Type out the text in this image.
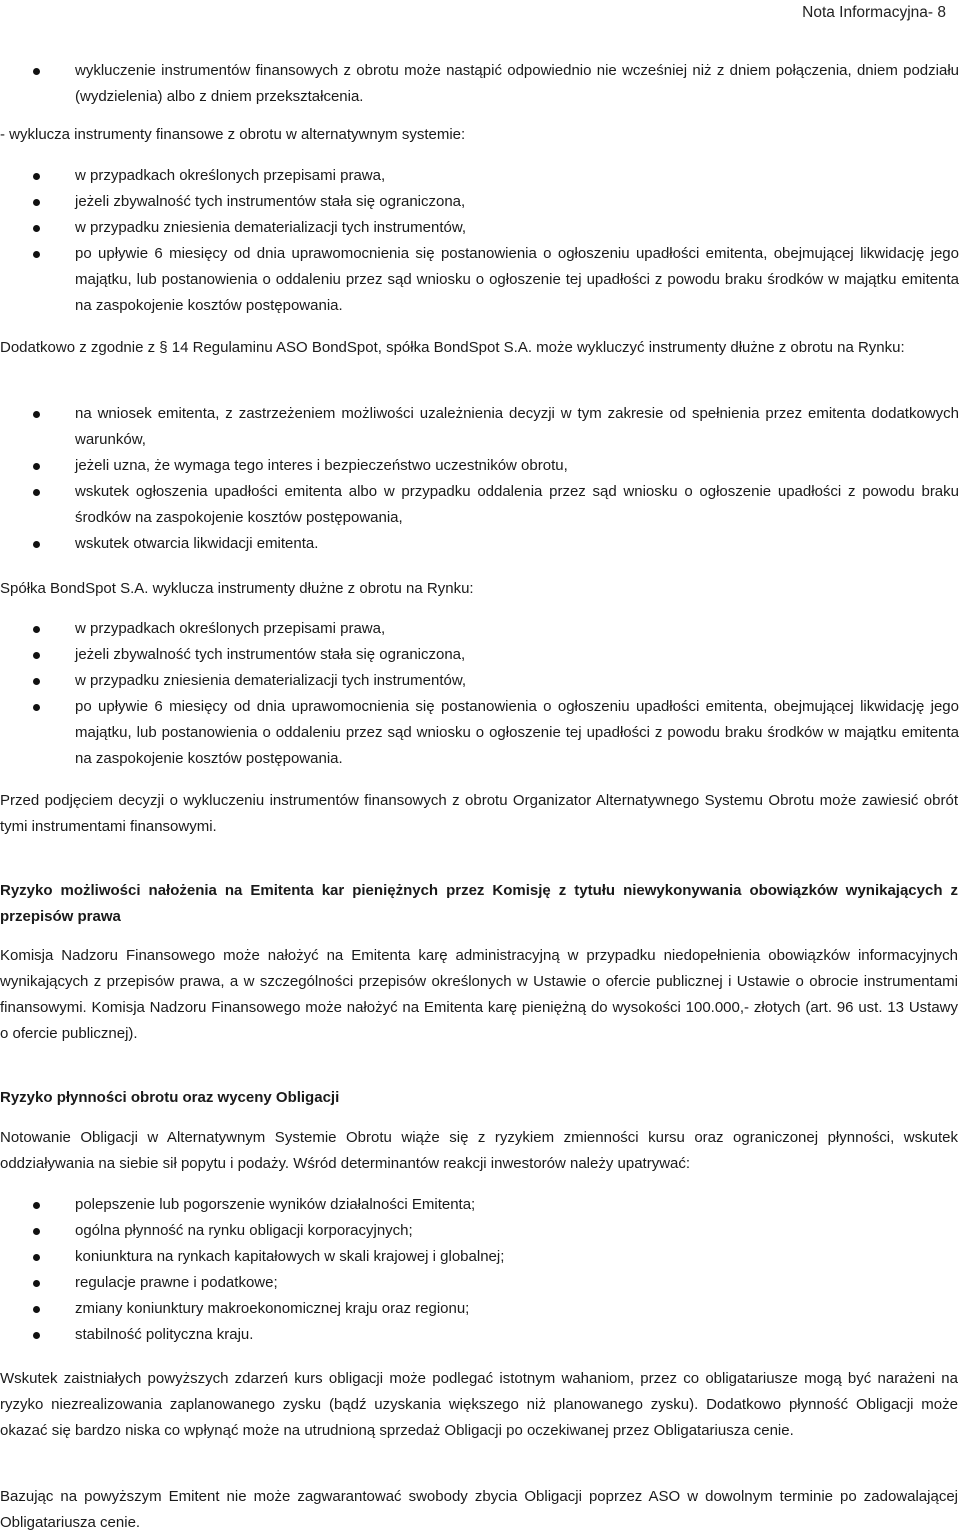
Nota Informacyjna- 8
wykluczenie instrumentów finansowych z obrotu może nastąpić odpowiednio nie wcześniej niż z dniem połączenia, dniem podziału (wydzielenia) albo z dniem przekształcenia.

- wyklucza instrumenty finansowe z obrotu w alternatywnym systemie:

w przypadkach określonych przepisami prawa,
jeżeli zbywalność tych instrumentów stała się ograniczona,
w przypadku zniesienia dematerializacji tych instrumentów,
po upływie 6 miesięcy od dnia uprawomocnienia się postanowienia o ogłoszeniu upadłości emitenta, obejmującej likwidację jego majątku, lub postanowienia o oddaleniu przez sąd wniosku o ogłoszenie tej upadłości z powodu braku środków w majątku emitenta na zaspokojenie kosztów postępowania.

Dodatkowo z zgodnie z § 14 Regulaminu ASO BondSpot, spółka BondSpot S.A. może wykluczyć instrumenty dłużne z obrotu na Rynku:

na wniosek emitenta, z zastrzeżeniem możliwości uzależnienia decyzji w tym zakresie od spełnienia przez emitenta dodatkowych warunków,
jeżeli uzna, że wymaga tego interes i bezpieczeństwo uczestników obrotu,
wskutek ogłoszenia upadłości emitenta albo w przypadku oddalenia przez sąd wniosku o ogłoszenie upadłości z powodu braku środków na zaspokojenie kosztów postępowania,
wskutek otwarcia likwidacji emitenta.

Spółka BondSpot S.A. wyklucza instrumenty dłużne z obrotu na Rynku:

w przypadkach określonych przepisami prawa,
jeżeli zbywalność tych instrumentów stała się ograniczona,
w przypadku zniesienia dematerializacji tych instrumentów,
po upływie 6 miesięcy od dnia uprawomocnienia się postanowienia o ogłoszeniu upadłości emitenta, obejmującej likwidację jego majątku, lub postanowienia o oddaleniu przez sąd wniosku o ogłoszenie tej upadłości z powodu braku środków w majątku emitenta na zaspokojenie kosztów postępowania.

Przed podjęciem decyzji o wykluczeniu instrumentów finansowych z obrotu Organizator Alternatywnego Systemu Obrotu może zawiesić obrót tymi instrumentami finansowymi.

Ryzyko możliwości nałożenia na Emitenta kar pieniężnych przez Komisję z tytułu niewykonywania obowiązków wynikających z przepisów prawa

Komisja Nadzoru Finansowego może nałożyć na Emitenta karę administracyjną w przypadku niedopełnienia obowiązków informacyjnych wynikających z przepisów prawa, a w szczególności przepisów określonych w Ustawie o ofercie publicznej i Ustawie o obrocie instrumentami finansowymi. Komisja Nadzoru Finansowego może nałożyć na Emitenta karę pieniężną do wysokości 100.000,- złotych (art. 96 ust. 13 Ustawy o ofercie publicznej).

Ryzyko płynności obrotu oraz wyceny Obligacji

Notowanie Obligacji w Alternatywnym Systemie Obrotu wiąże się z ryzykiem zmienności kursu oraz ograniczonej płynności, wskutek oddziaływania na siebie sił popytu i podaży. Wśród determinantów reakcji inwestorów należy upatrywać:

polepszenie lub pogorszenie wyników działalności Emitenta;
ogólna płynność na rynku obligacji korporacyjnych;
koniunktura na rynkach kapitałowych w skali krajowej i globalnej;
regulacje prawne i podatkowe;
zmiany koniunktury makroekonomicznej kraju oraz regionu;
stabilność polityczna kraju.

Wskutek zaistniałych powyższych zdarzeń kurs obligacji może podlegać istotnym wahaniom, przez co obligatariusze mogą być narażeni na ryzyko niezrealizowania zaplanowanego zysku (bądź uzyskania większego niż planowanego zysku). Dodatkowo płynność Obligacji może okazać się bardzo niska co wpłynąć może na utrudnioną sprzedaż Obligacji po oczekiwanej przez Obligatariusza cenie.

Bazując na powyższym Emitent nie może zagwarantować swobody zbycia Obligacji poprzez ASO w dowolnym terminie po zadowalającej Obligatariusza cenie.
